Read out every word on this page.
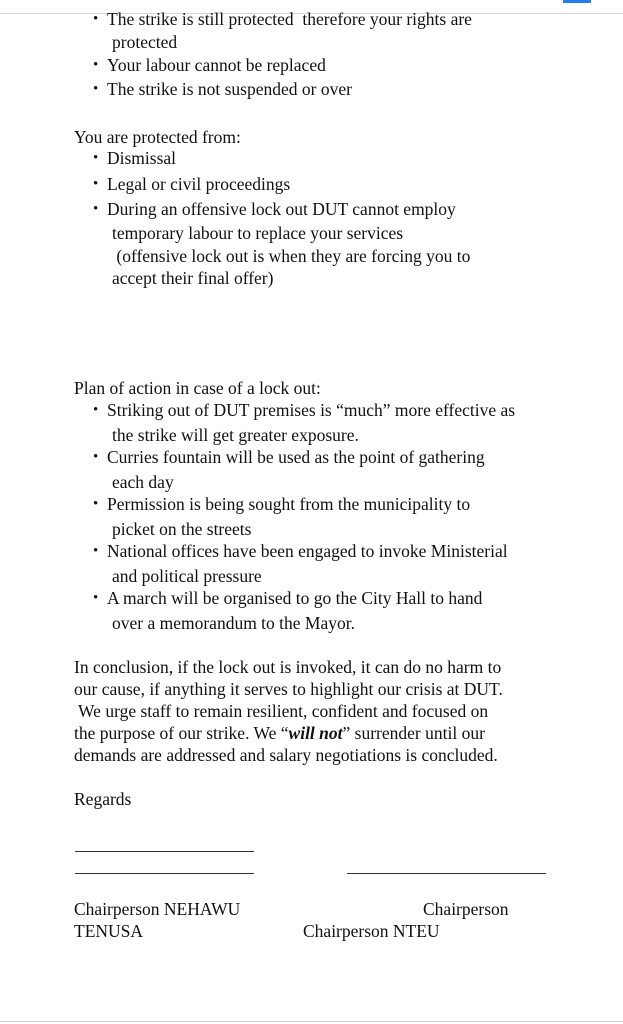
• The strike is still protected  therefore your rights are
protected
• Your labour cannot be replaced
• The strike is not suspended or over
You are protected from:
• Dismissal
• Legal or civil proceedings
• During an offensive lock out DUT cannot employ
temporary labour to replace your services
(offensive lock out is when they are forcing you to
accept their final offer)
Plan of action in case of a lock out:
• Striking out of DUT premises is “much” more effective as
the strike will get greater exposure.
• Curries fountain will be used as the point of gathering
each day
• Permission is being sought from the municipality to
picket on the streets
• National offices have been engaged to invoke Ministerial
and political pressure
• A march will be organised to go the City Hall to hand
over a memorandum to the Mayor.
In conclusion, if the lock out is invoked, it can do no harm to
our cause, if anything it serves to highlight our crisis at DUT.
We urge staff to remain resilient, confident and focused on
the purpose of our strike. We “will not” surrender until our
demands are addressed and salary negotiations is concluded.
Regards
Chairperson NEHAWU
TENUSA
Chairperson
Chairperson NTEU
